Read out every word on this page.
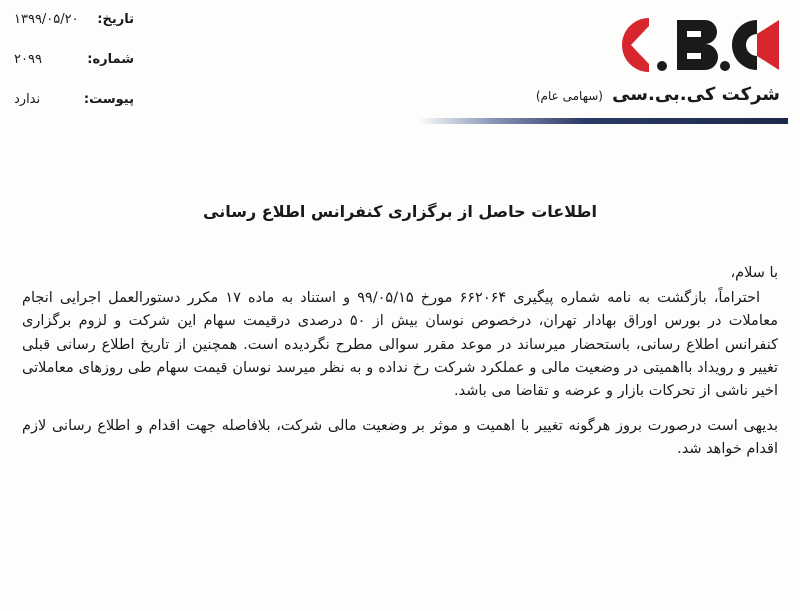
تاریخ:
۱۳۹۹/۰۵/۲۰
شماره:
۲۰۹۹
پیوست:
ندارد	شرکت کی.بی.سی (سهامی عام)
اطلاعات حاصل از برگزاری کنفرانس اطلاع رسانی

با سلام،

احتراماً، بازگشت به نامه شماره پیگیری ۶۶۲۰۶۴ مورخ ۹۹/۰۵/۱۵ و استناد به ماده ۱۷ مکرر دستورالعمل اجرایی انجام معاملات در بورس اوراق بهادار تهران، درخصوص نوسان بیش از ۵۰ درصدی درقیمت سهام این شرکت و لزوم برگزاری کنفرانس اطلاع رسانی، باستحضار میرساند در موعد مقرر سوالی مطرح نگردیده است. همچنین از تاریخ اطلاع رسانی قبلی تغییر و رویداد بااهمیتی در وضعیت مالی و عملکرد شرکت رخ نداده و به نظر میرسد نوسان قیمت سهام طی روزهای معاملاتی اخیر ناشی از تحرکات بازار و عرضه و تقاضا می باشد.

بدیهی است درصورت بروز هرگونه تغییر با اهمیت و موثر بر وضعیت مالی شرکت، بلافاصله جهت اقدام و اطلاع رسانی لازم اقدام خواهد شد.
